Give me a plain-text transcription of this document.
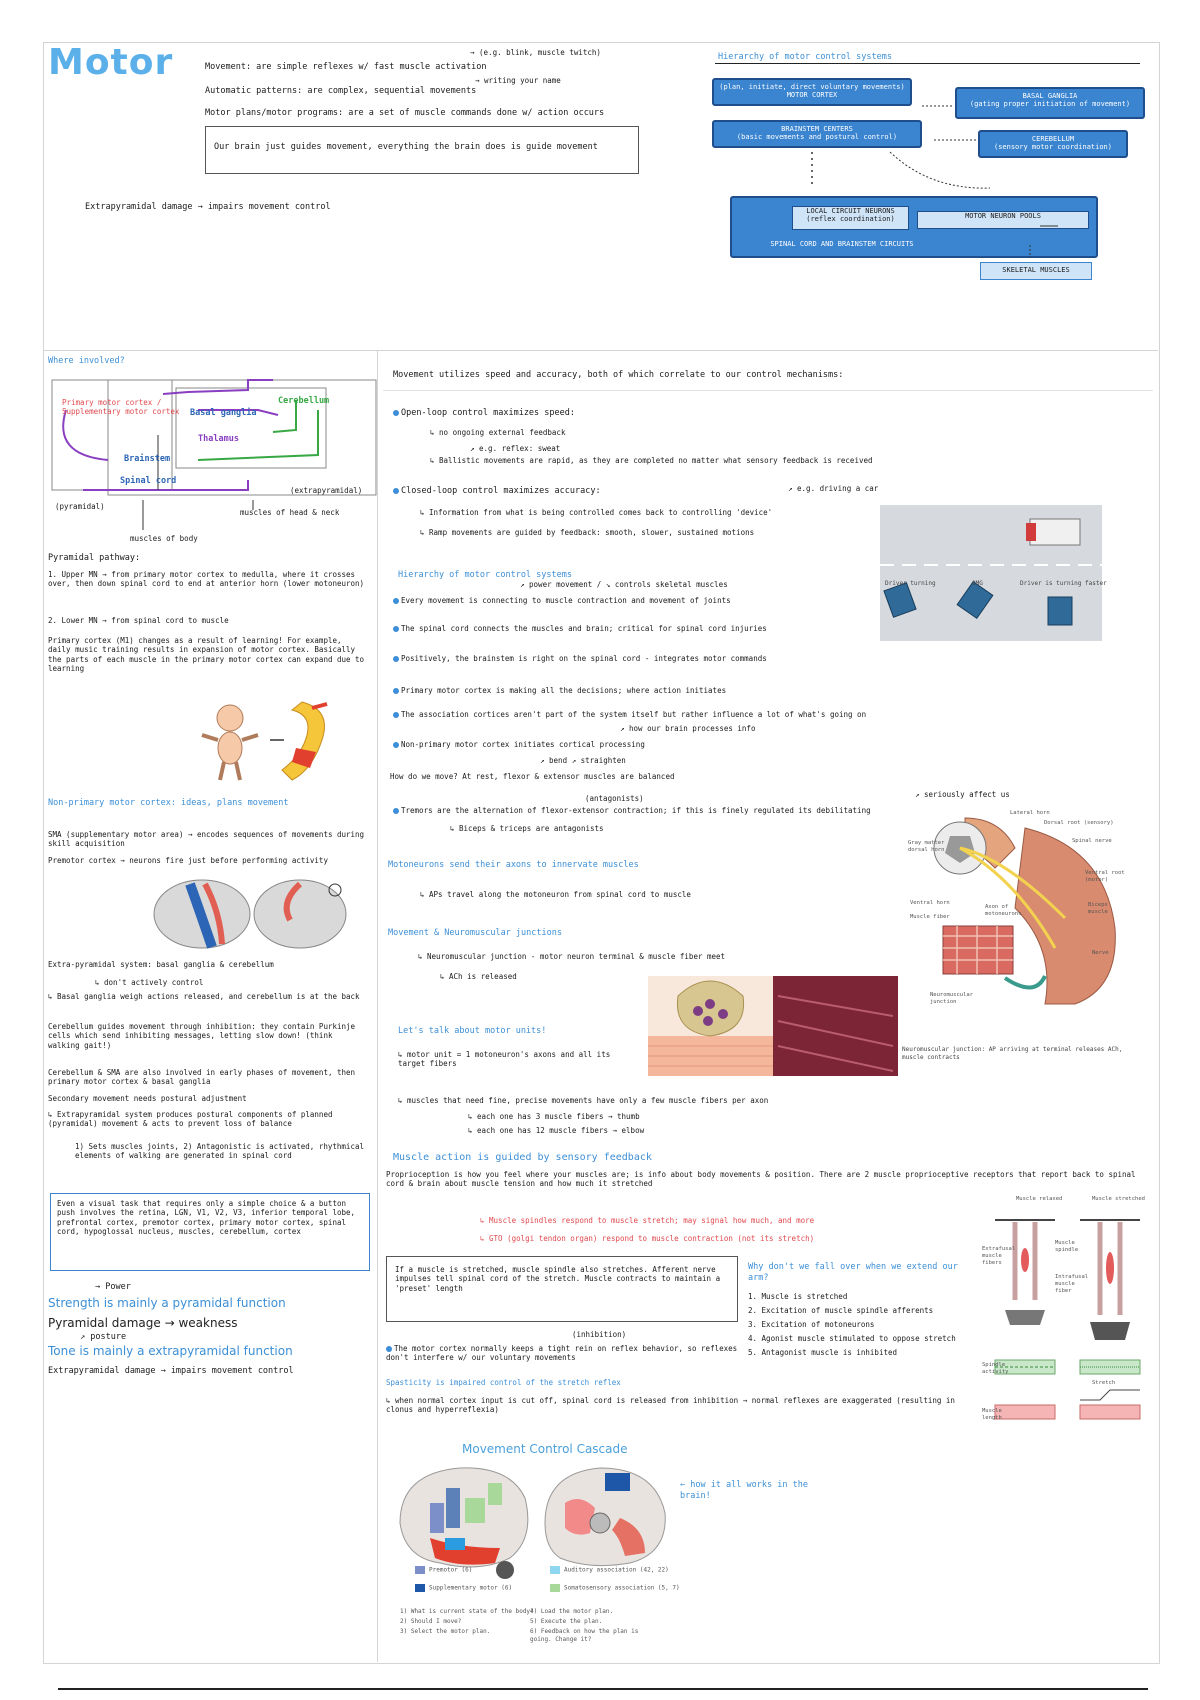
Motor	Movement: are simple reflexes w/ fast muscle activation
→ (e.g. blink, muscle twitch)
Automatic patterns: are complex, sequential movements
→ writing your name
Motor plans/motor programs: are a set of muscle commands done w/ action occurs
Our brain just guides movement, everything the brain does is guide movement
Extrapyramidal damage → impairs movement control
Hierarchy of motor control systems
(plan, initiate, direct voluntary movements)
MOTOR CORTEX
BRAINSTEM CENTERS
(basic movements and postural control)
BASAL GANGLIA
(gating proper initiation of movement)
CEREBELLUM
(sensory motor coordination)
LOCAL CIRCUIT NEURONS
(reflex coordination)	MOTOR NEURON POOLS
SPINAL CORD AND BRAINSTEM CIRCUITS
SKELETAL MUSCLES
Where involved?
Primary motor cortex / Supplementary motor cortex	Basal ganglia
Thalamus
Cerebellum
Brainstem
Spinal cord
(extrapyramidal)
(pyramidal)
muscles of head & neck
muscles of body
Pyramidal pathway:
1. Upper MN → from primary motor cortex to medulla, where it crosses over, then down spinal cord to end at anterior horn (lower motoneuron)
2. Lower MN → from spinal cord to muscle
Primary cortex (M1) changes as a result of learning! For example, daily music training results in expansion of motor cortex. Basically the parts of each muscle in the primary motor cortex can expand due to learning
Non-primary motor cortex: ideas, plans movement
SMA (supplementary motor area) → encodes sequences of movements during skill acquisition
Premotor cortex → neurons fire just before performing activity
Extra-pyramidal system: basal ganglia & cerebellum
↳ don't actively control
↳ Basal ganglia weigh actions released, and cerebellum is at the back
Cerebellum guides movement through inhibition: they contain Purkinje cells which send inhibiting messages, letting slow down! (think walking gait!)
Cerebellum & SMA are also involved in early phases of movement, then primary motor cortex & basal ganglia
Secondary movement needs postural adjustment
↳ Extrapyramidal system produces postural components of planned (pyramidal) movement & acts to prevent loss of balance
1) Sets muscles joints, 2) Antagonistic is activated, rhythmical elements of walking are generated in spinal cord
Even a visual task that requires only a simple choice & a button push involves the retina, LGN, V1, V2, V3, inferior temporal lobe, prefrontal cortex, premotor cortex, primary motor cortex, spinal cord, hypoglossal nucleus, muscles, cerebellum, cortex
→ Power
Strength is mainly a pyramidal function
Pyramidal damage → weakness
↗ posture
Tone is mainly a extrapyramidal function
Extrapyramidal damage → impairs movement control
Movement utilizes speed and accuracy, both of which correlate to our control mechanisms:
Open-loop control maximizes speed:
↳ no ongoing external feedback
↗ e.g. reflex: sweat
↳ Ballistic movements are rapid, as they are completed no matter what sensory feedback is received
Closed-loop control maximizes accuracy:	↗ e.g. driving a car
↳ Information from what is being controlled comes back to controlling 'device'
↳ Ramp movements are guided by feedback: smooth, slower, sustained motions
Driver turning	OMG	Driver is turning faster
Hierarchy of motor control systems
↗ power movement / ↘ controls skeletal muscles
Every movement is connecting to muscle contraction and movement of joints
The spinal cord connects the muscles and brain; critical for spinal cord injuries
Positively, the brainstem is right on the spinal cord - integrates motor commands
Primary motor cortex is making all the decisions; where action initiates
The association cortices aren't part of the system itself but rather influence a lot of what's going on
↗ how our brain processes info
Non-primary motor cortex initiates cortical processing
↗ bend ↗ straighten
How do we move? At rest, flexor & extensor muscles are balanced
(antagonists)	↗ seriously affect us
Tremors are the alternation of flexor-extensor contraction; if this is finely regulated its debilitating
↳ Biceps & triceps are antagonists
Lateral horn
Dorsal root (sensory)
Spinal nerve
Gray matter dorsal horn
Ventral horn
Muscle fiber
Axon of motoneurons
Ventral root (motor)
Biceps muscle
Nerve
Neuromuscular junction
Motoneurons send their axons to innervate muscles
↳ APs travel along the motoneuron from spinal cord to muscle
Movement & Neuromuscular junctions
↳ Neuromuscular junction - motor neuron terminal & muscle fiber meet
↳ ACh is released
Neuromuscular junction: AP arriving at terminal releases ACh, muscle contracts
Let's talk about motor units!
↳ motor unit = 1 motoneuron's axons and all its target fibers
↳ muscles that need fine, precise movements have only a few muscle fibers per axon
↳ each one has 3 muscle fibers → thumb
↳ each one has 12 muscle fibers → elbow
Muscle action is guided by sensory feedback
Proprioception is how you feel where your muscles are; is info about body movements & position. There are 2 muscle proprioceptive receptors that report back to spinal cord & brain about muscle tension and how much it stretched
↳ Muscle spindles respond to muscle stretch; may signal how much, and more
↳ GTO (golgi tendon organ) respond to muscle contraction (not its stretch)
If a muscle is stretched, muscle spindle also stretches. Afferent nerve impulses tell spinal cord of the stretch. Muscle contracts to maintain a 'preset' length
Why don't we fall over when we extend our arm?
1. Muscle is stretched
2. Excitation of muscle spindle afferents
3. Excitation of motoneurons
4. Agonist muscle stimulated to oppose stretch
5. Antagonist muscle is inhibited
Muscle relaxed	Muscle stretched
Extrafusal muscle fibers
Muscle spindle
Intrafusal muscle fiber
Spindle activity
Muscle length
Stretch
(inhibition)
The motor cortex normally keeps a tight rein on reflex behavior, so reflexes don't interfere w/ our voluntary movements
Spasticity is impaired control of the stretch reflex
↳ when normal cortex input is cut off, spinal cord is released from inhibition → normal reflexes are exaggerated (resulting in clonus and hyperreflexia)
Movement Control Cascade
← how it all works in the brain!
Premotor (6)
Supplementary motor (6)
Auditory association (42, 22)
Somatosensory association (5, 7)
1) What is current state of the body?
2) Should I move?
3) Select the motor plan.
4) Load the motor plan.
5) Execute the plan.
6) Feedback on how the plan is going. Change it?
